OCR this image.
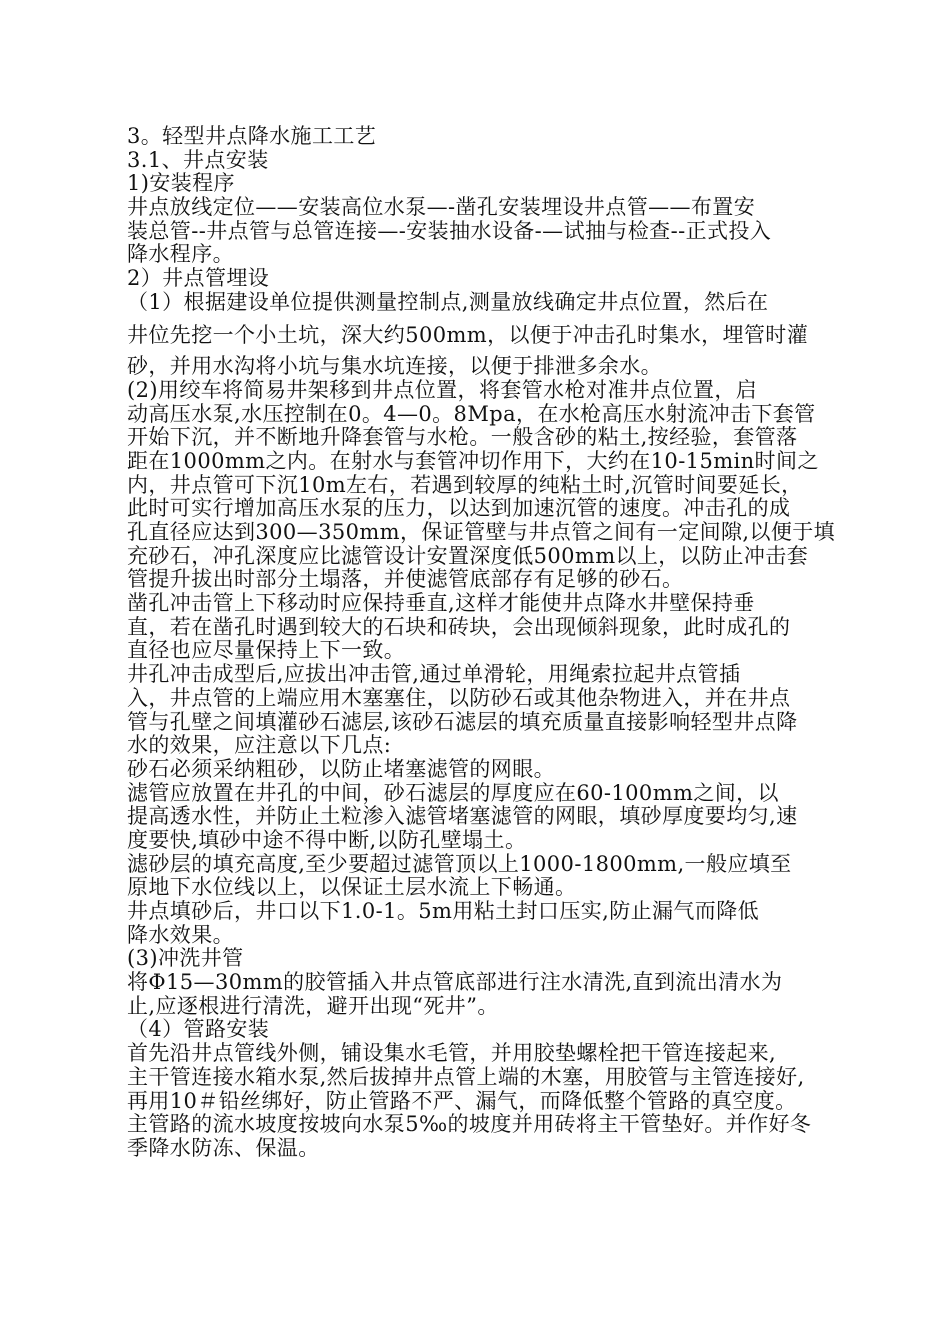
3。轻型井点降水施工工艺
3.1、井点安装
1)安装程序
井点放线定位——安装高位水泵—-凿孔安装埋设井点管——布置安
装总管--井点管与总管连接—-安装抽水设备-—试抽与检查--正式投入
降水程序。
2）井点管埋设
（1）根据建设单位提供测量控制点,测量放线确定井点位置，然后在
井位先挖一个小土坑，深大约500mm，以便于冲击孔时集水，埋管时灌
砂，并用水沟将小坑与集水坑连接，以便于排泄多余水。
(2)用绞车将简易井架移到井点位置，将套管水枪对准井点位置，启
动高压水泵,水压控制在0。4—0。8Mpa，在水枪高压水射流冲击下套管
开始下沉，并不断地升降套管与水枪。一般含砂的粘土,按经验，套管落
距在1000mm之内。在射水与套管冲切作用下，大约在10-15min时间之
内，井点管可下沉10m左右，若遇到较厚的纯粘土时,沉管时间要延长，
此时可实行增加高压水泵的压力，以达到加速沉管的速度。冲击孔的成
孔直径应达到300—350mm，保证管壁与井点管之间有一定间隙,以便于填
充砂石，冲孔深度应比滤管设计安置深度低500mm以上，以防止冲击套
管提升拔出时部分土塌落，并使滤管底部存有足够的砂石。
凿孔冲击管上下移动时应保持垂直,这样才能使井点降水井壁保持垂
直，若在凿孔时遇到较大的石块和砖块，会出现倾斜现象，此时成孔的
直径也应尽量保持上下一致。
井孔冲击成型后,应拔出冲击管,通过单滑轮，用绳索拉起井点管插
入，井点管的上端应用木塞塞住，以防砂石或其他杂物进入，并在井点
管与孔壁之间填灌砂石滤层,该砂石滤层的填充质量直接影响轻型井点降
水的效果，应注意以下几点:
砂石必须采纳粗砂，以防止堵塞滤管的网眼。
滤管应放置在井孔的中间，砂石滤层的厚度应在60-100mm之间，以
提高透水性，并防止土粒渗入滤管堵塞滤管的网眼，填砂厚度要均匀,速
度要快,填砂中途不得中断,以防孔壁塌土。
滤砂层的填充高度,至少要超过滤管顶以上1000-1800mm,一般应填至
原地下水位线以上，以保证土层水流上下畅通。
井点填砂后，井口以下1.0-1。5m用粘土封口压实,防止漏气而降低
降水效果。
(3)冲洗井管
将Φ15—30mm的胶管插入井点管底部进行注水清洗,直到流出清水为
止,应逐根进行清洗，避开出现“死井”。
（4）管路安装
首先沿井点管线外侧，铺设集水毛管，并用胶垫螺栓把干管连接起来,
主干管连接水箱水泵,然后拔掉井点管上端的木塞，用胶管与主管连接好,
再用10＃铅丝绑好，防止管路不严、漏气，而降低整个管路的真空度。
主管路的流水坡度按坡向水泵5‰的坡度并用砖将主干管垫好。并作好冬
季降水防冻、保温。
